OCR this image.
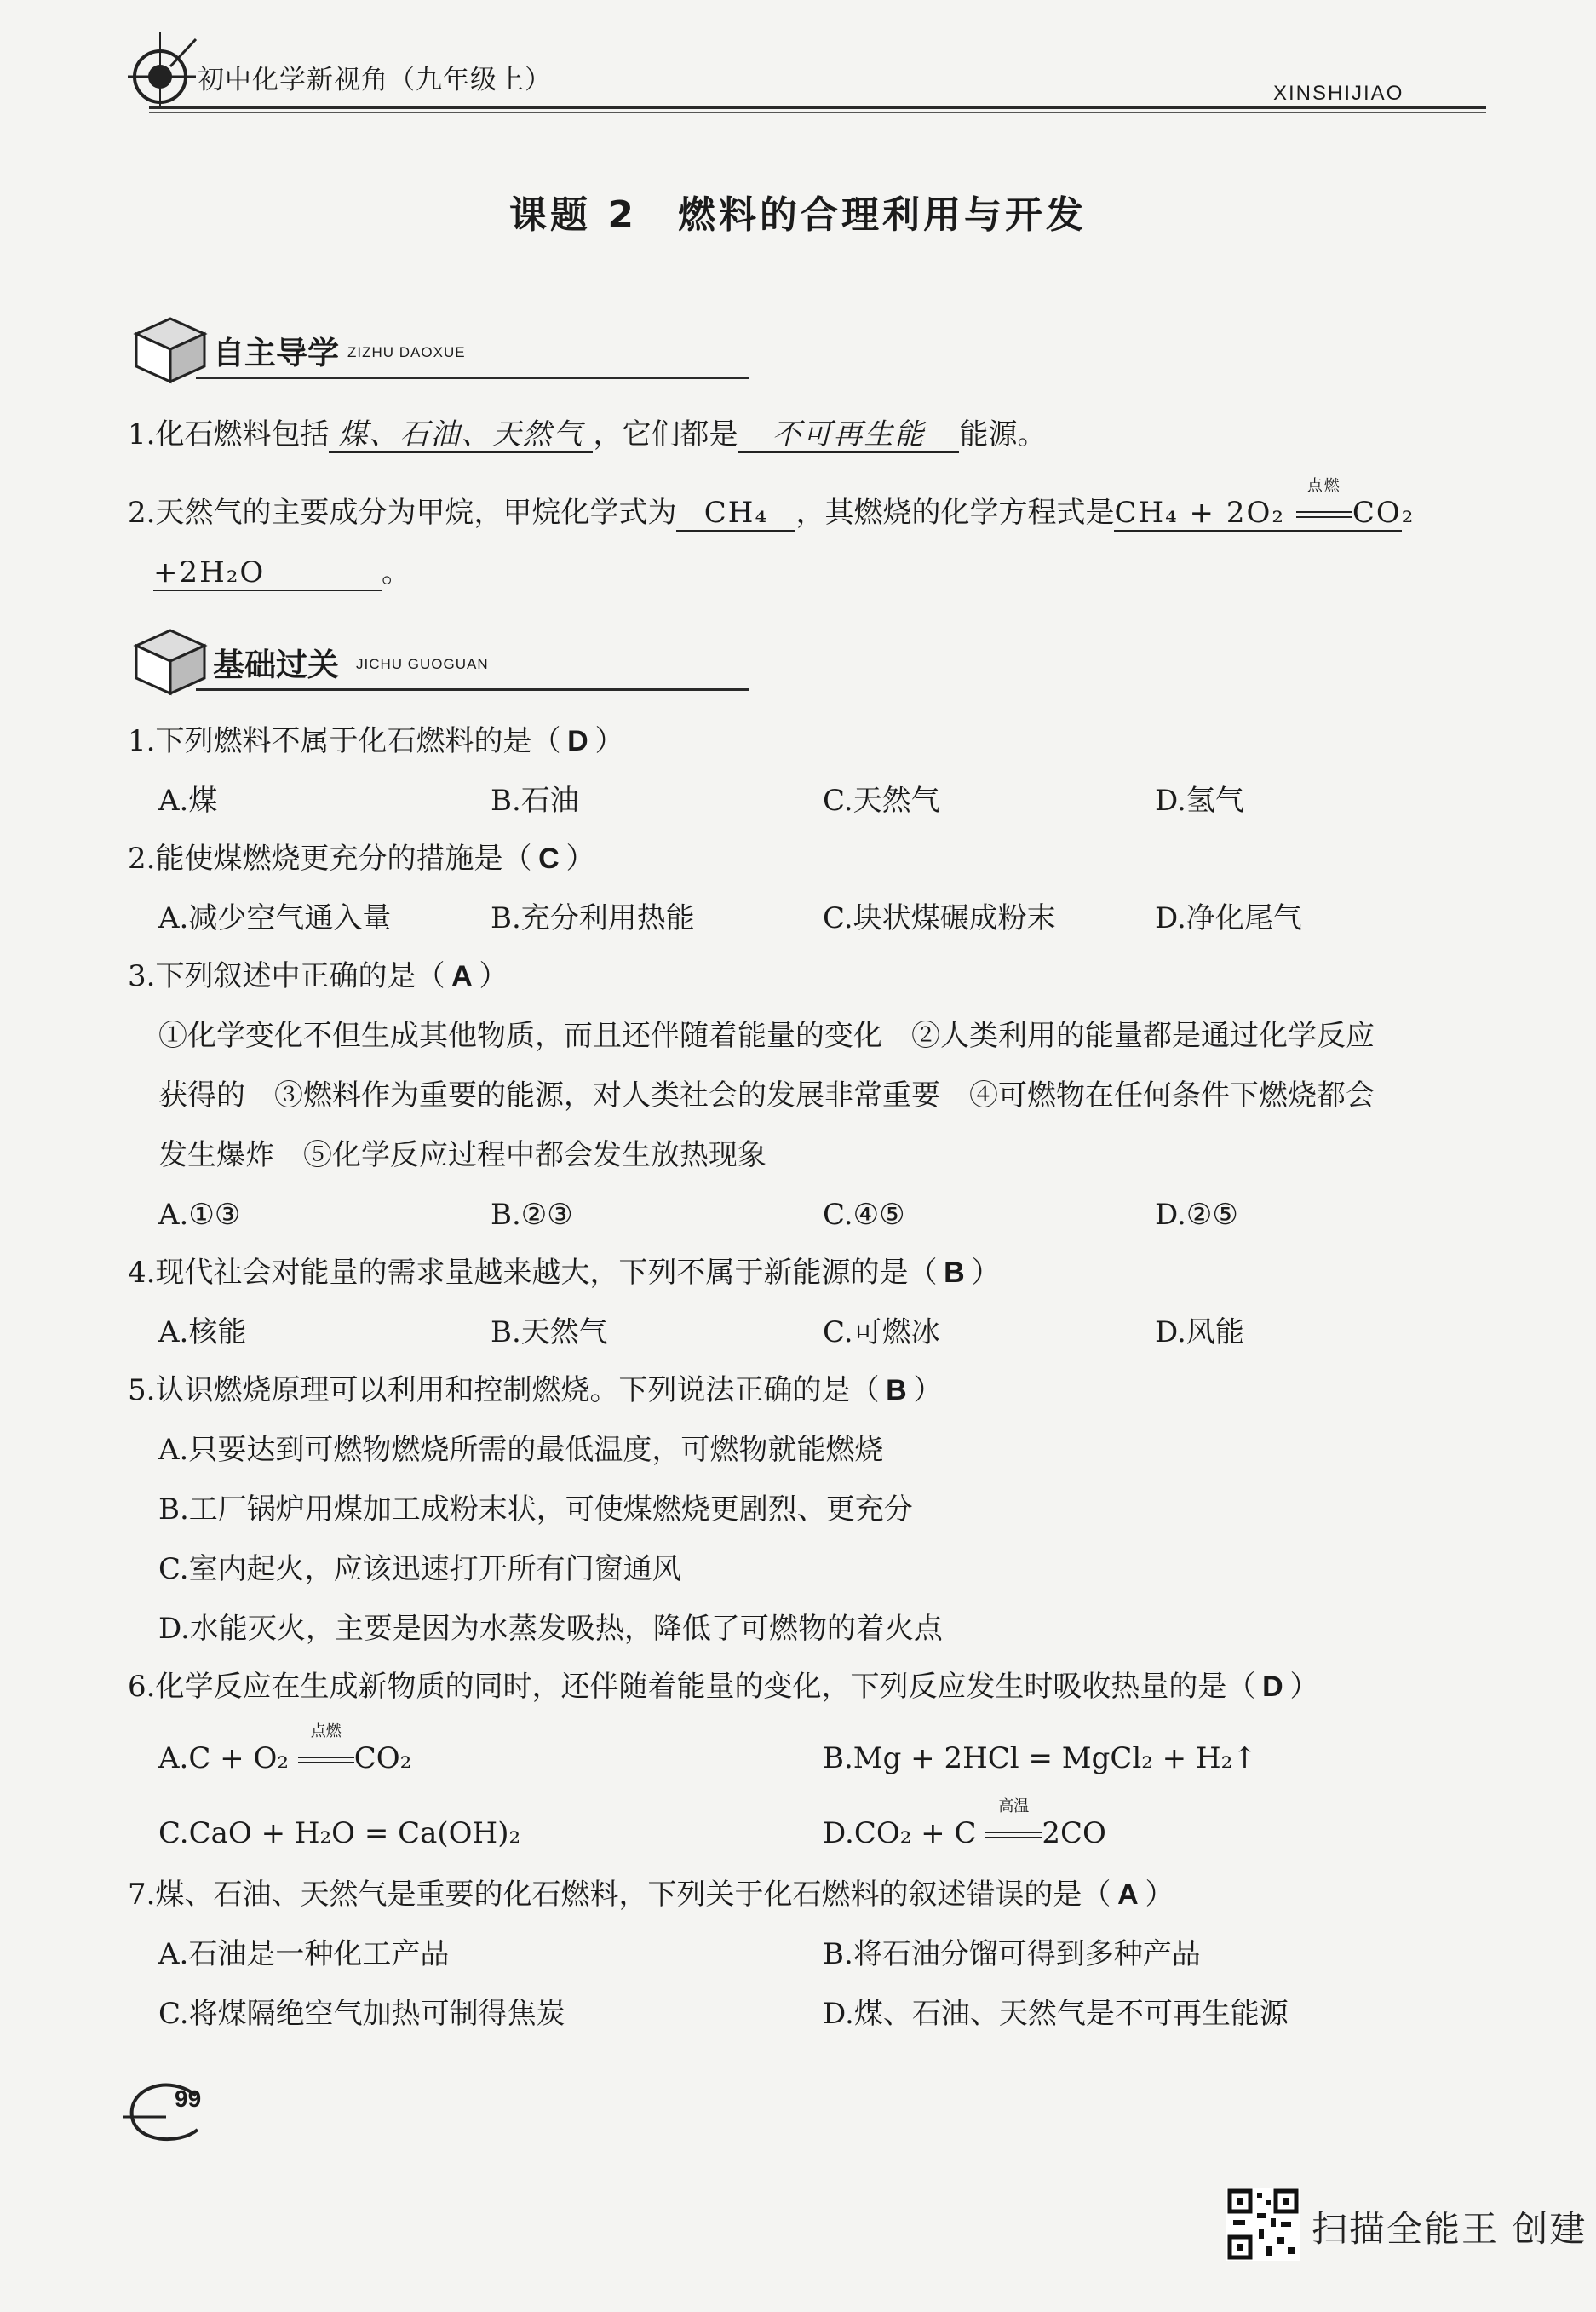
初中化学新视角（九年级上）	XINSHIJIAO
课题 2　燃料的合理利用与开发
自主导学 ZIZHU DAOXUE
1.化石燃料包括 煤、石油、天然气 ，它们都是 不可再生能 能源。
2.天然气的主要成分为甲烷，甲烷化学式为 CH₄ ，其燃烧的化学方程式是CH₄ + 2O₂
点燃
CO₂
+2H₂O	。
基础过关 JICHU GUOGUAN
1.下列燃料不属于化石燃料的是（ D ）
A.煤	B.石油	C.天然气	D.氢气
2.能使煤燃烧更充分的措施是（ C ）
A.减少空气通入量	B.充分利用热能	C.块状煤碾成粉末	D.净化尾气
3.下列叙述中正确的是（ A ）
①化学变化不但生成其他物质，而且还伴随着能量的变化　②人类利用的能量都是通过化学反应
获得的　③燃料作为重要的能源，对人类社会的发展非常重要　④可燃物在任何条件下燃烧都会
发生爆炸　⑤化学反应过程中都会发生放热现象
A.①③	B.②③	C.④⑤	D.②⑤
4.现代社会对能量的需求量越来越大，下列不属于新能源的是（ B ）
A.核能	B.天然气	C.可燃冰	D.风能
5.认识燃烧原理可以利用和控制燃烧。下列说法正确的是（ B ）
A.只要达到可燃物燃烧所需的最低温度，可燃物就能燃烧
B.工厂锅炉用煤加工成粉末状，可使煤燃烧更剧烈、更充分
C.室内起火，应该迅速打开所有门窗通风
D.水能灭火，主要是因为水蒸发吸热，降低了可燃物的着火点
6.化学反应在生成新物质的同时，还伴随着能量的变化，下列反应发生时吸收热量的是（ D ）
A.C + O₂
点燃
CO₂	B.Mg + 2HCl = MgCl₂ + H₂↑
C.CaO + H₂O = Ca(OH)₂	D.CO₂ + C
高温
2CO
7.煤、石油、天然气是重要的化石燃料，下列关于化石燃料的叙述错误的是（ A ）
A.石油是一种化工产品	B.将石油分馏可得到多种产品
C.将煤隔绝空气加热可制得焦炭	D.煤、石油、天然气是不可再生能源
99
扫描全能王 创建
